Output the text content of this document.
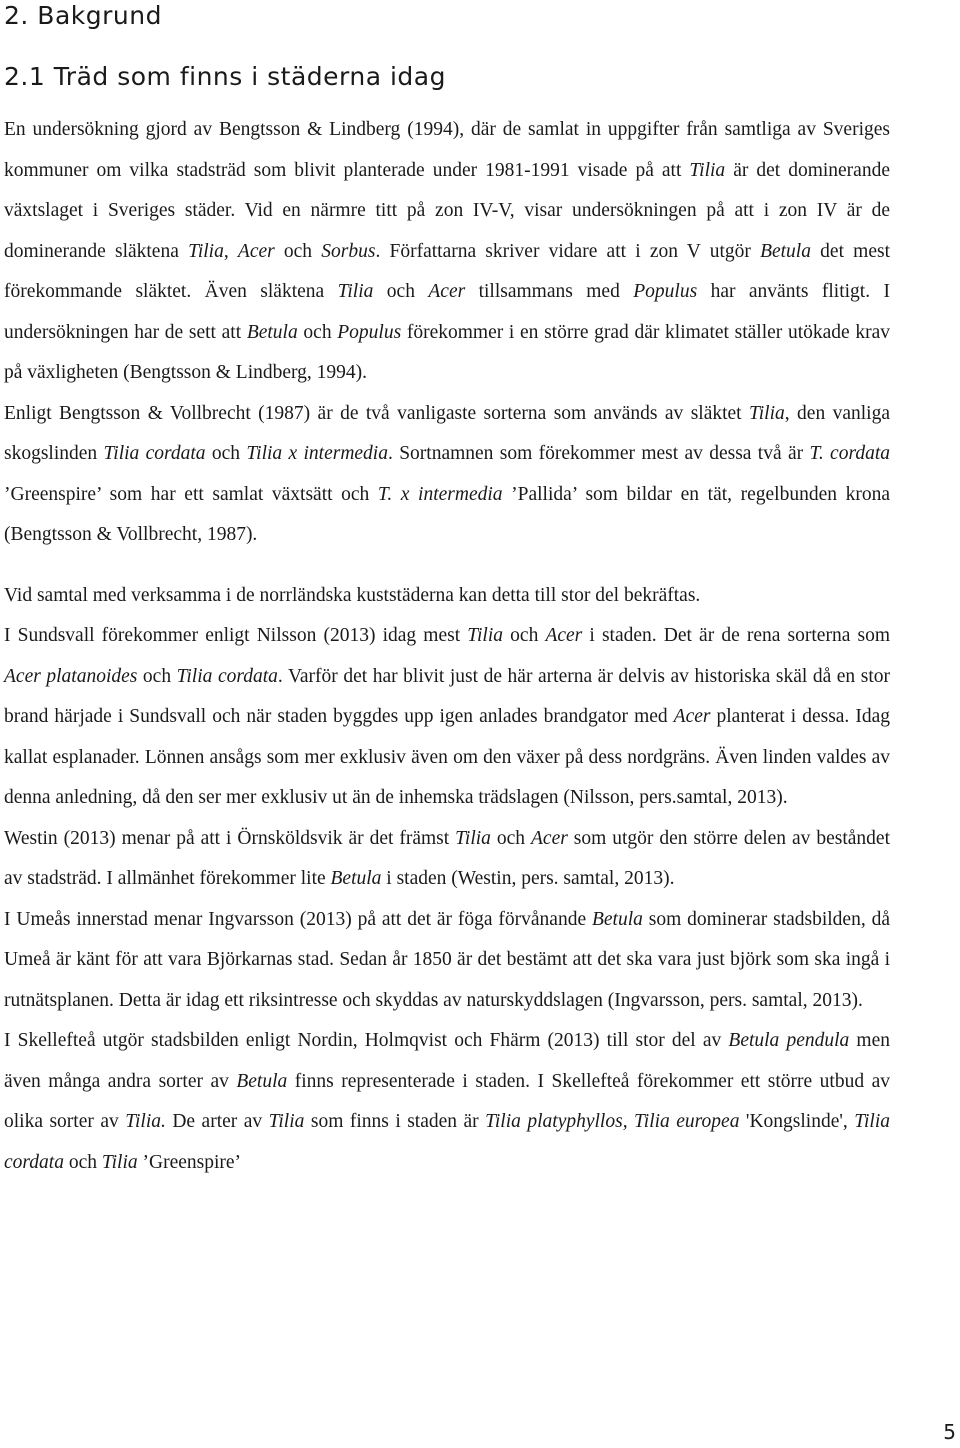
2. Bakgrund
2.1 Träd som finns i städerna idag

En undersökning gjord av Bengtsson & Lindberg (1994), där de samlat in uppgifter från samtliga av Sveriges kommuner om vilka stadsträd som blivit planterade under 1981-1991 visade på att Tilia är det dominerande växtslaget i Sveriges städer. Vid en närmre titt på zon IV-V, visar undersökningen på att i zon IV är de dominerande släktena Tilia, Acer och Sorbus. Författarna skriver vidare att i zon V utgör Betula det mest förekommande släktet. Även släktena Tilia och Acer tillsammans med Populus har använts flitigt. I undersökningen har de sett att Betula och Populus förekommer i en större grad där klimatet ställer utökade krav på växligheten (Bengtsson & Lindberg, 1994).

Enligt Bengtsson & Vollbrecht (1987) är de två vanligaste sorterna som används av släktet Tilia, den vanliga skogslinden Tilia cordata och Tilia x intermedia. Sortnamnen som förekommer mest av dessa två är T. cordata ’Greenspire’ som har ett samlat växtsätt och T. x intermedia ’Pallida’ som bildar en tät, regelbunden krona (Bengtsson & Vollbrecht, 1987).

Vid samtal med verksamma i de norrländska kuststäderna kan detta till stor del bekräftas.

I Sundsvall förekommer enligt Nilsson (2013) idag mest Tilia och Acer i staden. Det är de rena sorterna som Acer platanoides och Tilia cordata. Varför det har blivit just de här arterna är delvis av historiska skäl då en stor brand härjade i Sundsvall och när staden byggdes upp igen anlades brandgator med Acer planterat i dessa. Idag kallat esplanader. Lönnen ansågs som mer exklusiv även om den växer på dess nordgräns. Även linden valdes av denna anledning, då den ser mer exklusiv ut än de inhemska trädslagen (Nilsson, pers.samtal, 2013).

Westin (2013) menar på att i Örnsköldsvik är det främst Tilia och Acer som utgör den större delen av beståndet av stadsträd. I allmänhet förekommer lite Betula i staden (Westin, pers. samtal, 2013).

I Umeås innerstad menar Ingvarsson (2013) på att det är föga förvånande Betula som dominerar stadsbilden, då Umeå är känt för att vara Björkarnas stad. Sedan år 1850 är det bestämt att det ska vara just björk som ska ingå i rutnätsplanen. Detta är idag ett riksintresse och skyddas av naturskyddslagen (Ingvarsson, pers. samtal, 2013).

I Skellefteå utgör stadsbilden enligt Nordin, Holmqvist och Fhärm (2013) till stor del av Betula pendula men även många andra sorter av Betula finns representerade i staden. I Skellefteå förekommer ett större utbud av olika sorter av Tilia. De arter av Tilia som finns i staden är Tilia platyphyllos, Tilia europea 'Kongslinde', Tilia cordata och Tilia ’Greenspire’

5
